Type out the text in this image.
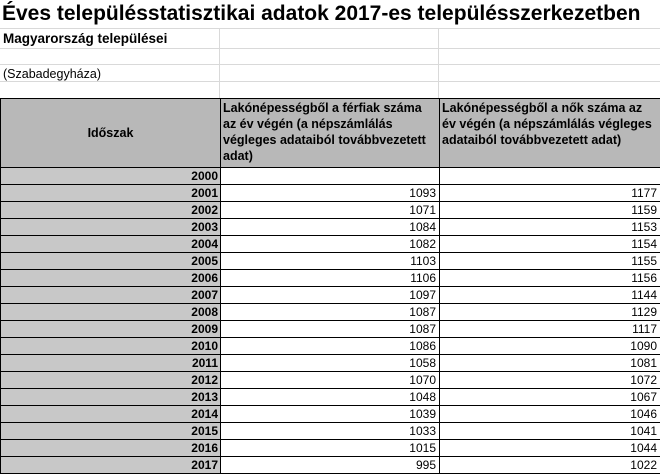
Éves településstatisztikai adatok 2017-es településszerkezetben
Magyarország települései
(Szabadegyháza)
Időszak	Lakónépességből a férfiak száma az év végén (a népszámlálás végleges adataiból továbbvezetett adat)	Lakónépességből a nők száma az év végén (a népszámlálás végleges adataiból továbbvezetett adat)
2000		
2001	1093	1177
2002	1071	1159
2003	1084	1153
2004	1082	1154
2005	1103	1155
2006	1106	1156
2007	1097	1144
2008	1087	1129
2009	1087	1117
2010	1086	1090
2011	1058	1081
2012	1070	1072
2013	1048	1067
2014	1039	1046
2015	1033	1041
2016	1015	1044
2017	995	1022
